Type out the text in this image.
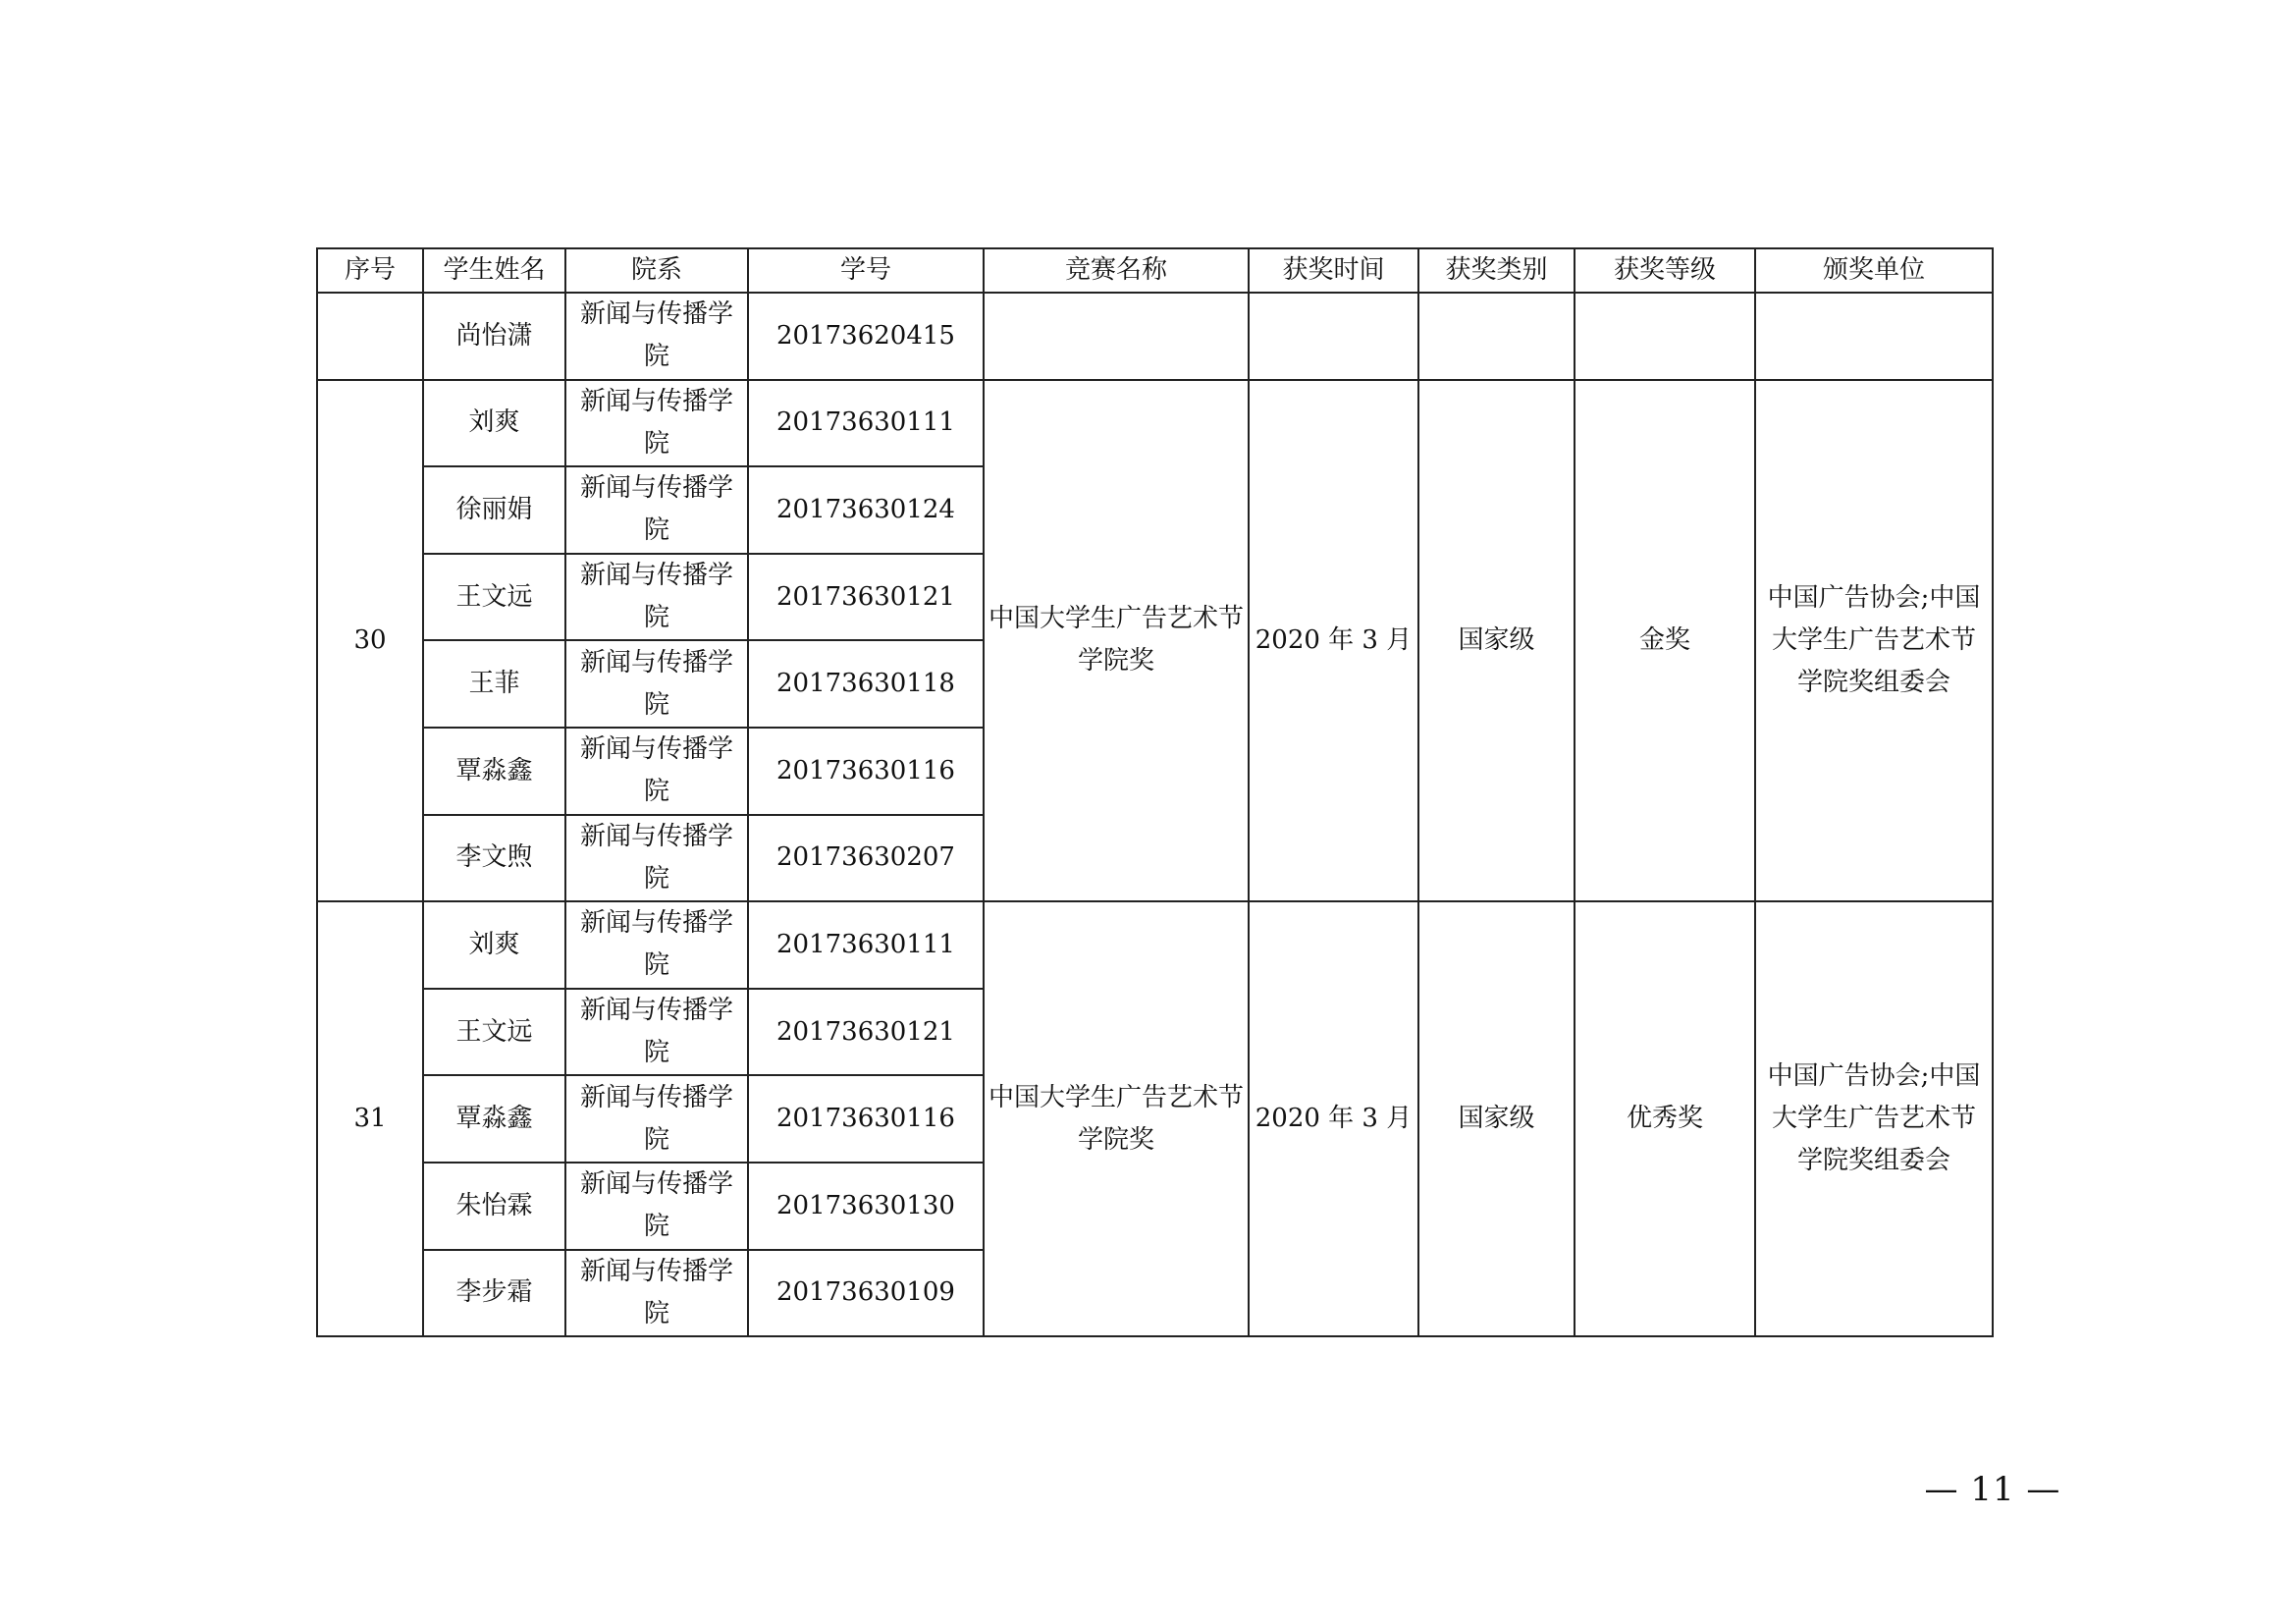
序号	学生姓名	院系	学号	竞赛名称	获奖时间	获奖类别	获奖等级	颁奖单位
	尚怡潇	新闻与传播学院	20173620415					
30	刘爽	新闻与传播学院	20173630111	中国大学生广告艺术节学院奖	2020 年 3 月	国家级	金奖	中国广告协会;中国大学生广告艺术节学院奖组委会

	徐丽娟	新闻与传播学院	20173630124					
	王文远	新闻与传播学院	20173630121					
	王菲	新闻与传播学院	20173630118					
	覃淼鑫	新闻与传播学院	20173630116					
	李文煦	新闻与传播学院	20173630207					
31	刘爽	新闻与传播学院	20173630111	中国大学生广告艺术节学院奖	2020 年 3 月	国家级	优秀奖	中国广告协会;中国大学生广告艺术节学院奖组委会

	王文远	新闻与传播学院	20173630121					
	覃淼鑫	新闻与传播学院	20173630116					
	朱怡霖	新闻与传播学院	20173630130					
	李步霜	新闻与传播学院	20173630109					
— 11 —
